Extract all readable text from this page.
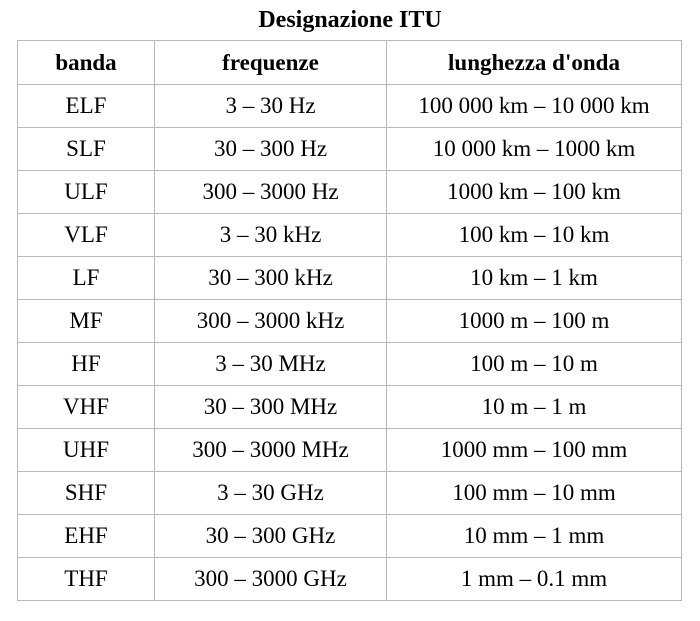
Designazione ITU
banda	frequenze	lunghezza d'onda
ELF	3 – 30 Hz	100 000 km – 10 000 km
SLF	30 – 300 Hz	10 000 km – 1000 km
ULF	300 – 3000 Hz	1000 km – 100 km
VLF	3 – 30 kHz	100 km – 10 km
LF	30 – 300 kHz	10 km – 1 km
MF	300 – 3000 kHz	1000 m – 100 m
HF	3 – 30 MHz	100 m – 10 m
VHF	30 – 300 MHz	10 m – 1 m
UHF	300 – 3000 MHz	1000 mm – 100 mm
SHF	3 – 30 GHz	100 mm – 10 mm
EHF	30 – 300 GHz	10 mm – 1 mm
THF	300 – 3000 GHz	1 mm – 0.1 mm
